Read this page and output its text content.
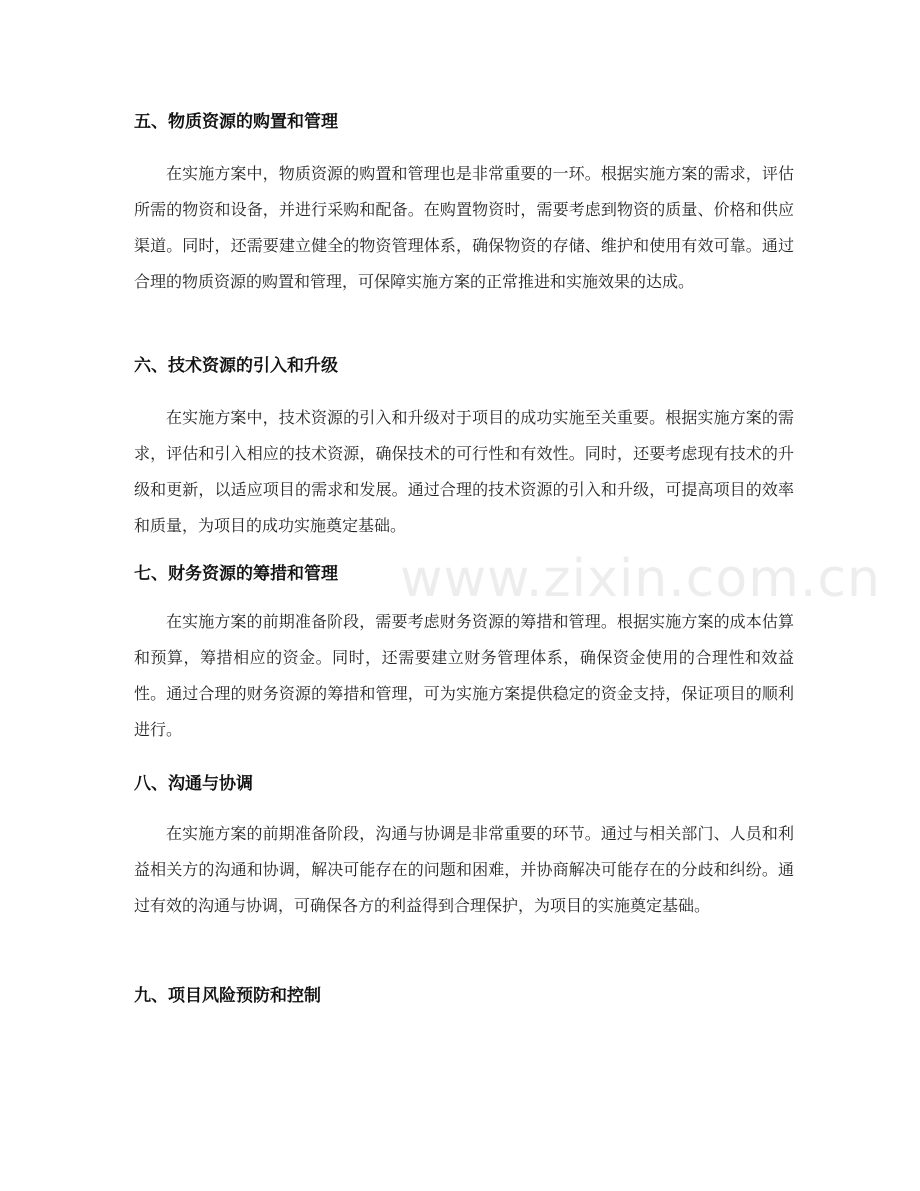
五、物质资源的购置和管理

在实施方案中，物质资源的购置和管理也是非常重要的一环。根据实施方案的需求，评估所需的物资和设备，并进行采购和配备。在购置物资时，需要考虑到物资的质量、价格和供应渠道。同时，还需要建立健全的物资管理体系，确保物资的存储、维护和使用有效可靠。通过合理的物质资源的购置和管理，可保障实施方案的正常推进和实施效果的达成。

六、技术资源的引入和升级

在实施方案中，技术资源的引入和升级对于项目的成功实施至关重要。根据实施方案的需求，评估和引入相应的技术资源，确保技术的可行性和有效性。同时，还要考虑现有技术的升级和更新，以适应项目的需求和发展。通过合理的技术资源的引入和升级，可提高项目的效率和质量，为项目的成功实施奠定基础。

七、财务资源的筹措和管理

在实施方案的前期准备阶段，需要考虑财务资源的筹措和管理。根据实施方案的成本估算和预算，筹措相应的资金。同时，还需要建立财务管理体系，确保资金使用的合理性和效益性。通过合理的财务资源的筹措和管理，可为实施方案提供稳定的资金支持，保证项目的顺利进行。

八、沟通与协调

在实施方案的前期准备阶段，沟通与协调是非常重要的环节。通过与相关部门、人员和利益相关方的沟通和协调，解决可能存在的问题和困难，并协商解决可能存在的分歧和纠纷。通过有效的沟通与协调，可确保各方的利益得到合理保护，为项目的实施奠定基础。

九、项目风险预防和控制
www.zixin.com.cn
